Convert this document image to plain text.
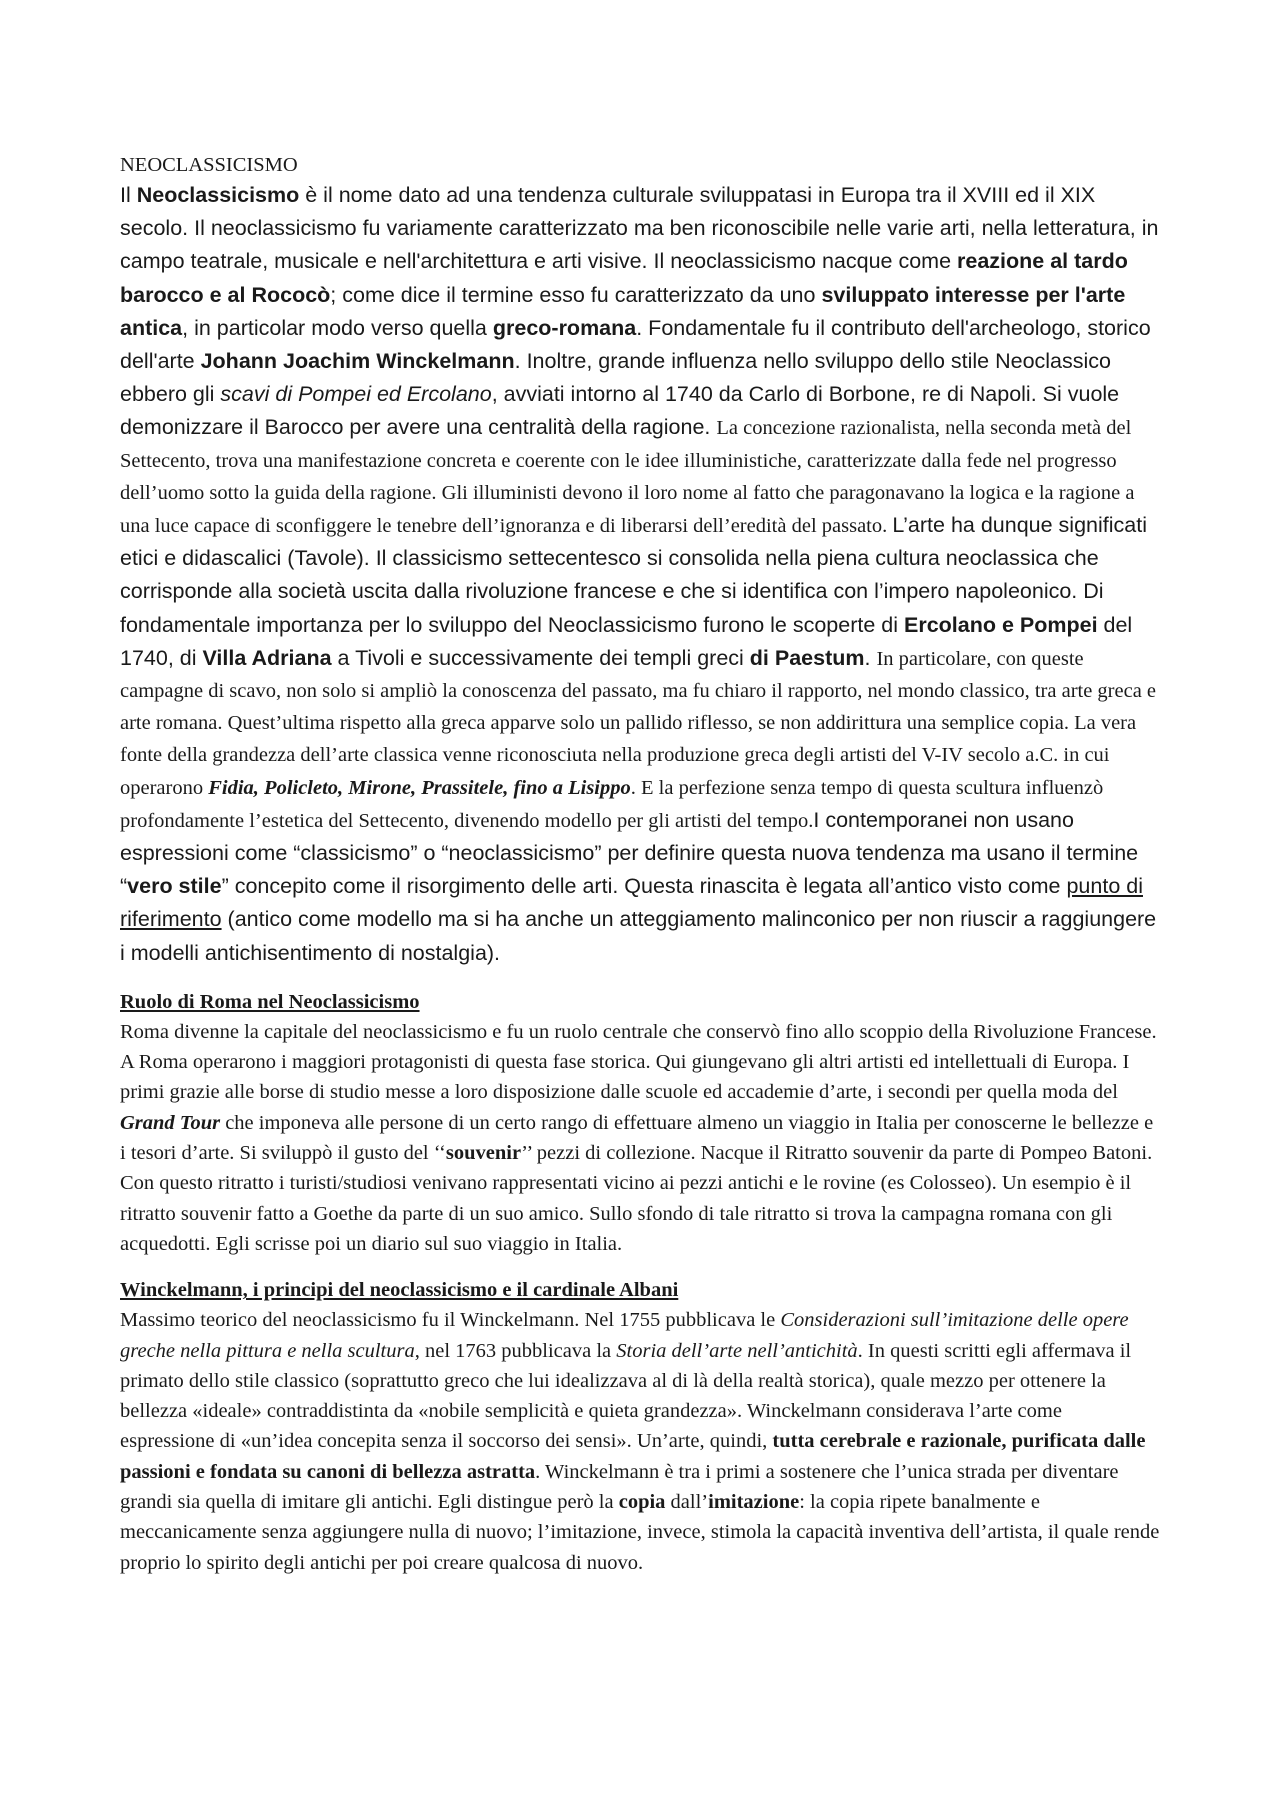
NEOCLASSICISMO

Il Neoclassicismo è il nome dato ad una tendenza culturale sviluppatasi in Europa tra il XVIII ed il XIX secolo. Il neoclassicismo fu variamente caratterizzato ma ben riconoscibile nelle varie arti, nella letteratura, in campo teatrale, musicale e nell'architettura e arti visive. Il neoclassicismo nacque come reazione al tardo barocco e al Rococò; come dice il termine esso fu caratterizzato da uno sviluppato interesse per l'arte antica, in particolar modo verso quella greco-romana. Fondamentale fu il contributo dell'archeologo, storico dell'arte Johann Joachim Winckelmann. Inoltre, grande influenza nello sviluppo dello stile Neoclassico ebbero gli scavi di Pompei ed Ercolano, avviati intorno al 1740 da Carlo di Borbone, re di Napoli. Si vuole demonizzare il Barocco per avere una centralità della ragione. La concezione razionalista, nella seconda metà del Settecento, trova una manifestazione concreta e coerente con le idee illuministiche, caratterizzate dalla fede nel progresso dell’uomo sotto la guida della ragione. Gli illuministi devono il loro nome al fatto che paragonavano la logica e la ragione a una luce capace di sconfiggere le tenebre dell’ignoranza e di liberarsi dell’eredità del passato. L’arte ha dunque significati etici e didascalici (Tavole). Il classicismo settecentesco si consolida nella piena cultura neoclassica che corrisponde alla società uscita dalla rivoluzione francese e che si identifica con l’impero napoleonico. Di fondamentale importanza per lo sviluppo del Neoclassicismo furono le scoperte di Ercolano e Pompei del 1740, di Villa Adriana a Tivoli e successivamente dei templi greci di Paestum. In particolare, con queste campagne di scavo, non solo si ampliò la conoscenza del passato, ma fu chiaro il rapporto, nel mondo classico, tra arte greca e arte romana. Quest’ultima rispetto alla greca apparve solo un pallido riflesso, se non addirittura una semplice copia. La vera fonte della grandezza dell’arte classica venne riconosciuta nella produzione greca degli artisti del V-IV secolo a.C. in cui operarono Fidia, Policleto, Mirone, Prassitele, fino a Lisippo. E la perfezione senza tempo di questa scultura influenzò profondamente l’estetica del Settecento, divenendo modello per gli artisti del tempo.I contemporanei non usano espressioni come “classicismo” o “neoclassicismo” per definire questa nuova tendenza ma usano il termine “vero stile” concepito come il risorgimento delle arti. Questa rinascita è legata all’antico visto come punto di riferimento (antico come modello ma si ha anche un atteggiamento malinconico per non riuscir a raggiungere i modelli antichisentimento di nostalgia).

Ruolo di Roma nel Neoclassicismo

Roma divenne la capitale del neoclassicismo e fu un ruolo centrale che conservò fino allo scoppio della Rivoluzione Francese. A Roma operarono i maggiori protagonisti di questa fase storica. Qui giungevano gli altri artisti ed intellettuali di Europa. I primi grazie alle borse di studio messe a loro disposizione dalle scuole ed accademie d’arte, i secondi per quella moda del Grand Tour che imponeva alle persone di un certo rango di effettuare almeno un viaggio in Italia per conoscerne le bellezze e i tesori d’arte. Si sviluppò il gusto del ‘‘souvenir’’ pezzi di collezione. Nacque il Ritratto souvenir da parte di Pompeo Batoni. Con questo ritratto i turisti/studiosi venivano rappresentati vicino ai pezzi antichi e le rovine (es Colosseo). Un esempio è il ritratto souvenir fatto a Goethe da parte di un suo amico. Sullo sfondo di tale ritratto si trova la campagna romana con gli acquedotti. Egli scrisse poi un diario sul suo viaggio in Italia.

Winckelmann, i principi del neoclassicismo e il cardinale Albani

Massimo teorico del neoclassicismo fu il Winckelmann. Nel 1755 pubblicava le Considerazioni sull’imitazione delle opere greche nella pittura e nella scultura, nel 1763 pubblicava la Storia dell’arte nell’antichità. In questi scritti egli affermava il primato dello stile classico (soprattutto greco che lui idealizzava al di là della realtà storica), quale mezzo per ottenere la bellezza «ideale» contraddistinta da «nobile semplicità e quieta grandezza». Winckelmann considerava l’arte come espressione di «un’idea concepita senza il soccorso dei sensi». Un’arte, quindi, tutta cerebrale e razionale, purificata dalle passioni e fondata su canoni di bellezza astratta. Winckelmann è tra i primi a sostenere che l’unica strada per diventare grandi sia quella di imitare gli antichi. Egli distingue però la copia dall’imitazione: la copia ripete banalmente e meccanicamente senza aggiungere nulla di nuovo; l’imitazione, invece, stimola la capacità inventiva dell’artista, il quale rende proprio lo spirito degli antichi per poi creare qualcosa di nuovo.
